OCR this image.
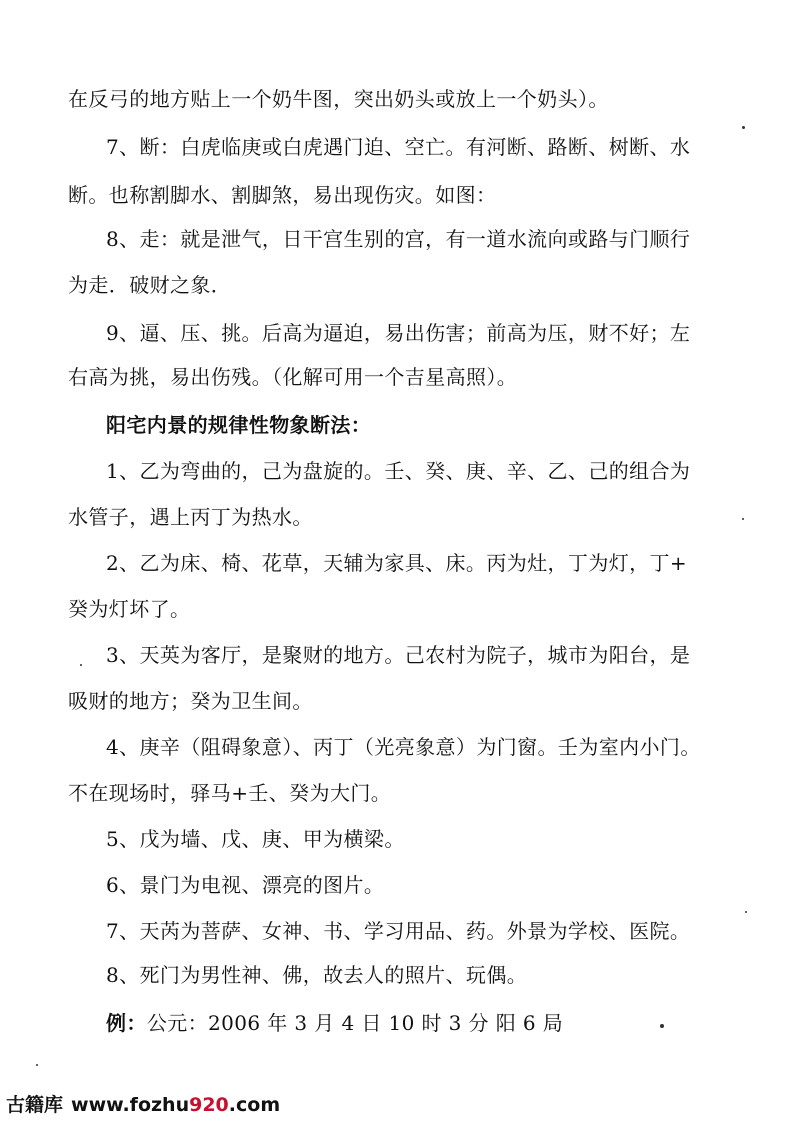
在反弓的地方贴上一个奶牛图，突出奶头或放上一个奶头）。
7、断：白虎临庚或白虎遇门迫、空亡。有河断、路断、树断、水
断。也称割脚水、割脚煞，易出现伤灾。如图：
8、走：就是泄气，日干宫生别的宫，有一道水流向或路与门顺行
为走．破财之象．
9、逼、压、挑。后高为逼迫，易出伤害；前高为压，财不好；左
右高为挑，易出伤残。（化解可用一个吉星高照）。
阳宅内景的规律性物象断法：
1、乙为弯曲的，己为盘旋的。壬、癸、庚、辛、乙、己的组合为
水管子，遇上丙丁为热水。
2、乙为床、椅、花草，天辅为家具、床。丙为灶，丁为灯，丁+
癸为灯坏了。
3、天英为客厅，是聚财的地方。己农村为院子，城市为阳台，是
吸财的地方；癸为卫生间。
4、庚辛（阻碍象意）、丙丁（光亮象意）为门窗。壬为室内小门。
不在现场时，驿马+壬、癸为大门。
5、戊为墙、戊、庚、甲为横梁。
6、景门为电视、漂亮的图片。
7、天芮为菩萨、女神、书、学习用品、药。外景为学校、医院。
8、死门为男性神、佛，故去人的照片、玩偶。
例：公元：2006 年 3 月 4 日 10 时 3 分 阳 6 局
古籍库 www.fozhu920.com
